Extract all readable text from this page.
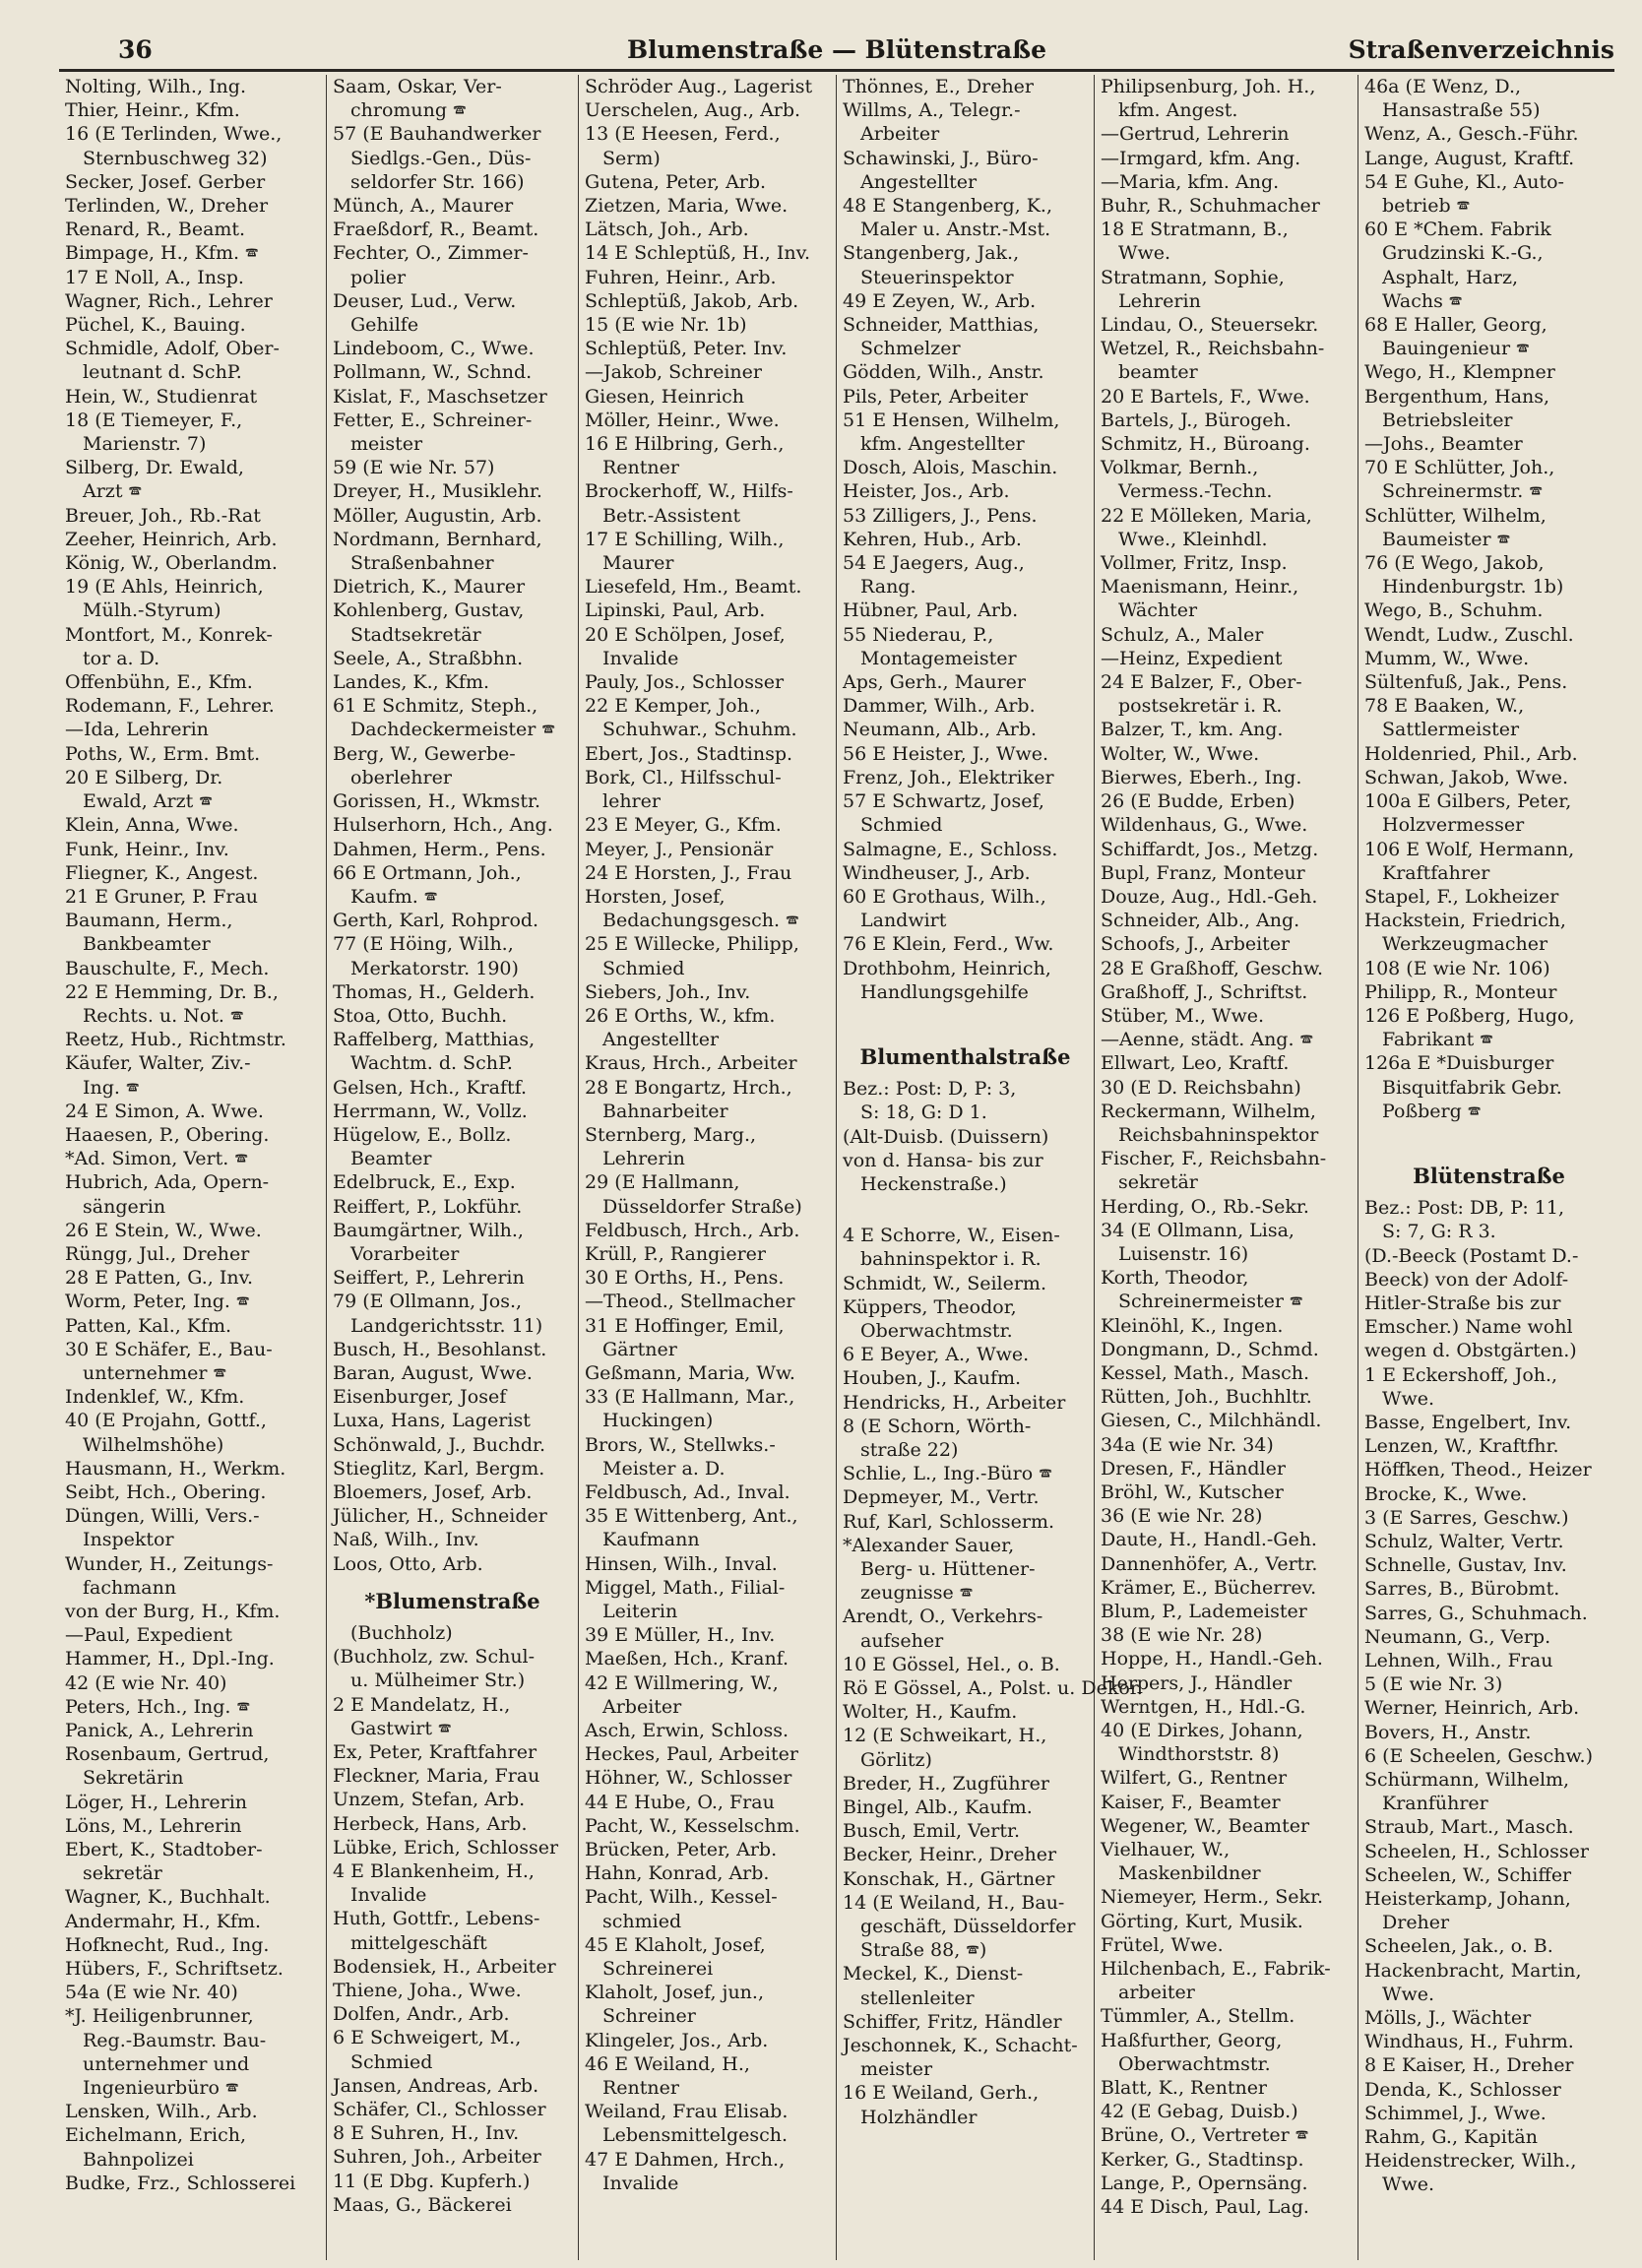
36	Blumenstraße — Blütenstraße	Straßenverzeichnis
Nolting, Wilh., Ing.
Thier, Heinr., Kfm.
16 (E Terlinden, Wwe.,
Sternbuschweg 32)
Secker, Josef. Gerber
Terlinden, W., Dreher
Renard, R., Beamt.
Bimpage, H., Kfm. 🕿
17 E Noll, A., Insp.
Wagner, Rich., Lehrer
Püchel, K., Bauing.
Schmidle, Adolf, Ober-
leutnant d. SchP.
Hein, W., Studienrat
18 (E Tiemeyer, F.,
Marienstr. 7)
Silberg, Dr. Ewald,
Arzt 🕿
Breuer, Joh., Rb.-Rat
Zeeher, Heinrich, Arb.
König, W., Oberlandm.
19 (E Ahls, Heinrich,
Mülh.-Styrum)
Montfort, M., Konrek-
tor a. D.
Offenbühn, E., Kfm.
Rodemann, F., Lehrer.
—Ida, Lehrerin
Poths, W., Erm. Bmt.
20 E Silberg, Dr.
Ewald, Arzt 🕿
Klein, Anna, Wwe.
Funk, Heinr., Inv.
Fliegner, K., Angest.
21 E Gruner, P. Frau
Baumann, Herm.,
Bankbeamter
Bauschulte, F., Mech.
22 E Hemming, Dr. B.,
Rechts. u. Not. 🕿
Reetz, Hub., Richtmstr.
Käufer, Walter, Ziv.-
Ing. 🕿
24 E Simon, A. Wwe.
Haaesen, P., Obering.
*Ad. Simon, Vert. 🕿
Hubrich, Ada, Opern-
sängerin
26 E Stein, W., Wwe.
Rüngg, Jul., Dreher
28 E Patten, G., Inv.
Worm, Peter, Ing. 🕿
Patten, Kal., Kfm.
30 E Schäfer, E., Bau-
unternehmer 🕿
Indenklef, W., Kfm.
40 (E Projahn, Gottf.,
Wilhelmshöhe)
Hausmann, H., Werkm.
Seibt, Hch., Obering.
Düngen, Willi, Vers.-
Inspektor
Wunder, H., Zeitungs-
fachmann
von der Burg, H., Kfm.
—Paul, Expedient
Hammer, H., Dpl.-Ing.
42 (E wie Nr. 40)
Peters, Hch., Ing. 🕿
Panick, A., Lehrerin
Rosenbaum, Gertrud,
Sekretärin
Löger, H., Lehrerin
Löns, M., Lehrerin
Ebert, K., Stadtober-
sekretär
Wagner, K., Buchhalt.
Andermahr, H., Kfm.
Hofknecht, Rud., Ing.
Hübers, F., Schriftsetz.
54a (E wie Nr. 40)
*J. Heiligenbrunner,
Reg.-Baumstr. Bau-
unternehmer und
Ingenieurbüro 🕿
Lensken, Wilh., Arb.
Eichelmann, Erich,
Bahnpolizei
Budke, Frz., Schlosserei
Saam, Oskar, Ver-
chromung 🕿
57 (E Bauhandwerker
Siedlgs.-Gen., Düs-
seldorfer Str. 166)
Münch, A., Maurer
Fraeßdorf, R., Beamt.
Fechter, O., Zimmer-
polier
Deuser, Lud., Verw.
Gehilfe
Lindeboom, C., Wwe.
Pollmann, W., Schnd.
Kislat, F., Maschsetzer
Fetter, E., Schreiner-
meister
59 (E wie Nr. 57)
Dreyer, H., Musiklehr.
Möller, Augustin, Arb.
Nordmann, Bernhard,
Straßenbahner
Dietrich, K., Maurer
Kohlenberg, Gustav,
Stadtsekretär
Seele, A., Straßbhn.
Landes, K., Kfm.
61 E Schmitz, Steph.,
Dachdeckermeister 🕿
Berg, W., Gewerbe-
oberlehrer
Gorissen, H., Wkmstr.
Hulserhorn, Hch., Ang.
Dahmen, Herm., Pens.
66 E Ortmann, Joh.,
Kaufm. 🕿
Gerth, Karl, Rohprod.
77 (E Höing, Wilh.,
Merkatorstr. 190)
Thomas, H., Gelderh.
Stoa, Otto, Buchh.
Raffelberg, Matthias,
Wachtm. d. SchP.
Gelsen, Hch., Kraftf.
Herrmann, W., Vollz.
Hügelow, E., Bollz.
Beamter
Edelbruck, E., Exp.
Reiffert, P., Lokführ.
Baumgärtner, Wilh.,
Vorarbeiter
Seiffert, P., Lehrerin
79 (E Ollmann, Jos.,
Landgerichtsstr. 11)
Busch, H., Besohlanst.
Baran, August, Wwe.
Eisenburger, Josef
Luxa, Hans, Lagerist
Schönwald, J., Buchdr.
Stieglitz, Karl, Bergm.
Bloemers, Josef, Arb.
Jülicher, H., Schneider
Naß, Wilh., Inv.
Loos, Otto, Arb.
*Blumenstraße
(Buchholz)
(Buchholz, zw. Schul-
u. Mülheimer Str.)
2 E Mandelatz, H.,
Gastwirt 🕿
Ex, Peter, Kraftfahrer
Fleckner, Maria, Frau
Unzem, Stefan, Arb.
Herbeck, Hans, Arb.
Lübke, Erich, Schlosser
4 E Blankenheim, H.,
Invalide
Huth, Gottfr., Lebens-
mittelgeschäft
Bodensiek, H., Arbeiter
Thiene, Joha., Wwe.
Dolfen, Andr., Arb.
6 E Schweigert, M.,
Schmied
Jansen, Andreas, Arb.
Schäfer, Cl., Schlosser
8 E Suhren, H., Inv.
Suhren, Joh., Arbeiter
11 (E Dbg. Kupferh.)
Maas, G., Bäckerei
Schröder Aug., Lagerist
Uerschelen, Aug., Arb.
13 (E Heesen, Ferd.,
Serm)
Gutena, Peter, Arb.
Zietzen, Maria, Wwe.
Lätsch, Joh., Arb.
14 E Schleptüß, H., Inv.
Fuhren, Heinr., Arb.
Schleptüß, Jakob, Arb.
15 (E wie Nr. 1b)
Schleptüß, Peter. Inv.
—Jakob, Schreiner
Giesen, Heinrich
Möller, Heinr., Wwe.
16 E Hilbring, Gerh.,
Rentner
Brockerhoff, W., Hilfs-
Betr.-Assistent
17 E Schilling, Wilh.,
Maurer
Liesefeld, Hm., Beamt.
Lipinski, Paul, Arb.
20 E Schölpen, Josef,
Invalide
Pauly, Jos., Schlosser
22 E Kemper, Joh.,
Schuhwar., Schuhm.
Ebert, Jos., Stadtinsp.
Bork, Cl., Hilfsschul-
lehrer
23 E Meyer, G., Kfm.
Meyer, J., Pensionär
24 E Horsten, J., Frau
Horsten, Josef,
Bedachungsgesch. 🕿
25 E Willecke, Philipp,
Schmied
Siebers, Joh., Inv.
26 E Orths, W., kfm.
Angestellter
Kraus, Hrch., Arbeiter
28 E Bongartz, Hrch.,
Bahnarbeiter
Sternberg, Marg.,
Lehrerin
29 (E Hallmann,
Düsseldorfer Straße)
Feldbusch, Hrch., Arb.
Krüll, P., Rangierer
30 E Orths, H., Pens.
—Theod., Stellmacher
31 E Hoffinger, Emil,
Gärtner
Geßmann, Maria, Ww.
33 (E Hallmann, Mar.,
Huckingen)
Brors, W., Stellwks.-
Meister a. D.
Feldbusch, Ad., Inval.
35 E Wittenberg, Ant.,
Kaufmann
Hinsen, Wilh., Inval.
Miggel, Math., Filial-
Leiterin
39 E Müller, H., Inv.
Maeßen, Hch., Kranf.
42 E Willmering, W.,
Arbeiter
Asch, Erwin, Schloss.
Heckes, Paul, Arbeiter
Höhner, W., Schlosser
44 E Hube, O., Frau
Pacht, W., Kesselschm.
Brücken, Peter, Arb.
Hahn, Konrad, Arb.
Pacht, Wilh., Kessel-
schmied
45 E Klaholt, Josef,
Schreinerei
Klaholt, Josef, jun.,
Schreiner
Klingeler, Jos., Arb.
46 E Weiland, H.,
Rentner
Weiland, Frau Elisab.
Lebensmittelgesch.
47 E Dahmen, Hrch.,
Invalide
Thönnes, E., Dreher
Willms, A., Telegr.-
Arbeiter
Schawinski, J., Büro-
Angestellter
48 E Stangenberg, K.,
Maler u. Anstr.-Mst.
Stangenberg, Jak.,
Steuerinspektor
49 E Zeyen, W., Arb.
Schneider, Matthias,
Schmelzer
Gödden, Wilh., Anstr.
Pils, Peter, Arbeiter
51 E Hensen, Wilhelm,
kfm. Angestellter
Dosch, Alois, Maschin.
Heister, Jos., Arb.
53 Zilligers, J., Pens.
Kehren, Hub., Arb.
54 E Jaegers, Aug.,
Rang.
Hübner, Paul, Arb.
55 Niederau, P.,
Montagemeister
Aps, Gerh., Maurer
Dammer, Wilh., Arb.
Neumann, Alb., Arb.
56 E Heister, J., Wwe.
Frenz, Joh., Elektriker
57 E Schwartz, Josef,
Schmied
Salmagne, E., Schloss.
Windheuser, J., Arb.
60 E Grothaus, Wilh.,
Landwirt
76 E Klein, Ferd., Ww.
Drothbohm, Heinrich,
Handlungsgehilfe
Blumenthalstraße
Bez.: Post: D, P: 3,
S: 18, G: D 1.
(Alt-Duisb. (Duissern)
von d. Hansa- bis zur
Heckenstraße.)
4 E Schorre, W., Eisen-
bahninspektor i. R.
Schmidt, W., Seilerm.
Küppers, Theodor,
Oberwachtmstr.
6 E Beyer, A., Wwe.
Houben, J., Kaufm.
Hendricks, H., Arbeiter
8 (E Schorn, Wörth-
straße 22)
Schlie, L., Ing.-Büro 🕿
Depmeyer, M., Vertr.
Ruf, Karl, Schlosserm.
*Alexander Sauer,
Berg- u. Hüttener-
zeugnisse 🕿
Arendt, O., Verkehrs-
aufseher
10 E Gössel, Hel., o. B.
Rö E Gössel, A., Polst. u. Dekor.
Wolter, H., Kaufm.
12 (E Schweikart, H.,
Görlitz)
Breder, H., Zugführer
Bingel, Alb., Kaufm.
Busch, Emil, Vertr.
Becker, Heinr., Dreher
Konschak, H., Gärtner
14 (E Weiland, H., Bau-
geschäft, Düsseldorfer
Straße 88, 🕿)
Meckel, K., Dienst-
stellenleiter
Schiffer, Fritz, Händler
Jeschonnek, K., Schacht-
meister
16 E Weiland, Gerh.,
Holzhändler
Philipsenburg, Joh. H.,
kfm. Angest.
—Gertrud, Lehrerin
—Irmgard, kfm. Ang.
—Maria, kfm. Ang.
Buhr, R., Schuhmacher
18 E Stratmann, B.,
Wwe.
Stratmann, Sophie,
Lehrerin
Lindau, O., Steuersekr.
Wetzel, R., Reichsbahn-
beamter
20 E Bartels, F., Wwe.
Bartels, J., Bürogeh.
Schmitz, H., Büroang.
Volkmar, Bernh.,
Vermess.-Techn.
22 E Mölleken, Maria,
Wwe., Kleinhdl.
Vollmer, Fritz, Insp.
Maenismann, Heinr.,
Wächter
Schulz, A., Maler
—Heinz, Expedient
24 E Balzer, F., Ober-
postsekretär i. R.
Balzer, T., km. Ang.
Wolter, W., Wwe.
Bierwes, Eberh., Ing.
26 (E Budde, Erben)
Wildenhaus, G., Wwe.
Schiffardt, Jos., Metzg.
Bupl, Franz, Monteur
Douze, Aug., Hdl.-Geh.
Schneider, Alb., Ang.
Schoofs, J., Arbeiter
28 E Graßhoff, Geschw.
Graßhoff, J., Schriftst.
Stüber, M., Wwe.
—Aenne, städt. Ang. 🕿
Ellwart, Leo, Kraftf.
30 (E D. Reichsbahn)
Reckermann, Wilhelm,
Reichsbahninspektor
Fischer, F., Reichsbahn-
sekretär
Herding, O., Rb.-Sekr.
34 (E Ollmann, Lisa,
Luisenstr. 16)
Korth, Theodor,
Schreinermeister 🕿
Kleinöhl, K., Ingen.
Dongmann, D., Schmd.
Kessel, Math., Masch.
Rütten, Joh., Buchhltr.
Giesen, C., Milchhändl.
34a (E wie Nr. 34)
Dresen, F., Händler
Bröhl, W., Kutscher
36 (E wie Nr. 28)
Daute, H., Handl.-Geh.
Dannenhöfer, A., Vertr.
Krämer, E., Bücherrev.
Blum, P., Lademeister
38 (E wie Nr. 28)
Hoppe, H., Handl.-Geh.
Herpers, J., Händler
Werntgen, H., Hdl.-G.
40 (E Dirkes, Johann,
Windthorststr. 8)
Wilfert, G., Rentner
Kaiser, F., Beamter
Wegener, W., Beamter
Vielhauer, W.,
Maskenbildner
Niemeyer, Herm., Sekr.
Görting, Kurt, Musik.
Frütel, Wwe.
Hilchenbach, E., Fabrik-
arbeiter
Tümmler, A., Stellm.
Haßfurther, Georg,
Oberwachtmstr.
Blatt, K., Rentner
42 (E Gebag, Duisb.)
Brüne, O., Vertreter 🕿
Kerker, G., Stadtinsp.
Lange, P., Opernsäng.
44 E Disch, Paul, Lag.
46a (E Wenz, D.,
Hansastraße 55)
Wenz, A., Gesch.-Führ.
Lange, August, Kraftf.
54 E Guhe, Kl., Auto-
betrieb 🕿
60 E *Chem. Fabrik
Grudzinski K.-G.,
Asphalt, Harz,
Wachs 🕿
68 E Haller, Georg,
Bauingenieur 🕿
Wego, H., Klempner
Bergenthum, Hans,
Betriebsleiter
—Johs., Beamter
70 E Schlütter, Joh.,
Schreinermstr. 🕿
Schlütter, Wilhelm,
Baumeister 🕿
76 (E Wego, Jakob,
Hindenburgstr. 1b)
Wego, B., Schuhm.
Wendt, Ludw., Zuschl.
Mumm, W., Wwe.
Sültenfuß, Jak., Pens.
78 E Baaken, W.,
Sattlermeister
Holdenried, Phil., Arb.
Schwan, Jakob, Wwe.
100a E Gilbers, Peter,
Holzvermesser
106 E Wolf, Hermann,
Kraftfahrer
Stapel, F., Lokheizer
Hackstein, Friedrich,
Werkzeugmacher
108 (E wie Nr. 106)
Philipp, R., Monteur
126 E Poßberg, Hugo,
Fabrikant 🕿
126a E *Duisburger
Bisquitfabrik Gebr.
Poßberg 🕿
Blütenstraße
Bez.: Post: DB, P: 11,
S: 7, G: R 3.
(D.-Beeck (Postamt D.-
Beeck) von der Adolf-
Hitler-Straße bis zur
Emscher.) Name wohl
wegen d. Obstgärten.)
1 E Eckershoff, Joh.,
Wwe.
Basse, Engelbert, Inv.
Lenzen, W., Kraftfhr.
Höffken, Theod., Heizer
Brocke, K., Wwe.
3 (E Sarres, Geschw.)
Schulz, Walter, Vertr.
Schnelle, Gustav, Inv.
Sarres, B., Bürobmt.
Sarres, G., Schuhmach.
Neumann, G., Verp.
Lehnen, Wilh., Frau
5 (E wie Nr. 3)
Werner, Heinrich, Arb.
Bovers, H., Anstr.
6 (E Scheelen, Geschw.)
Schürmann, Wilhelm,
Kranführer
Straub, Mart., Masch.
Scheelen, H., Schlosser
Scheelen, W., Schiffer
Heisterkamp, Johann,
Dreher
Scheelen, Jak., o. B.
Hackenbracht, Martin,
Wwe.
Mölls, J., Wächter
Windhaus, H., Fuhrm.
8 E Kaiser, H., Dreher
Denda, K., Schlosser
Schimmel, J., Wwe.
Rahm, G., Kapitän
Heidenstrecker, Wilh.,
Wwe.
